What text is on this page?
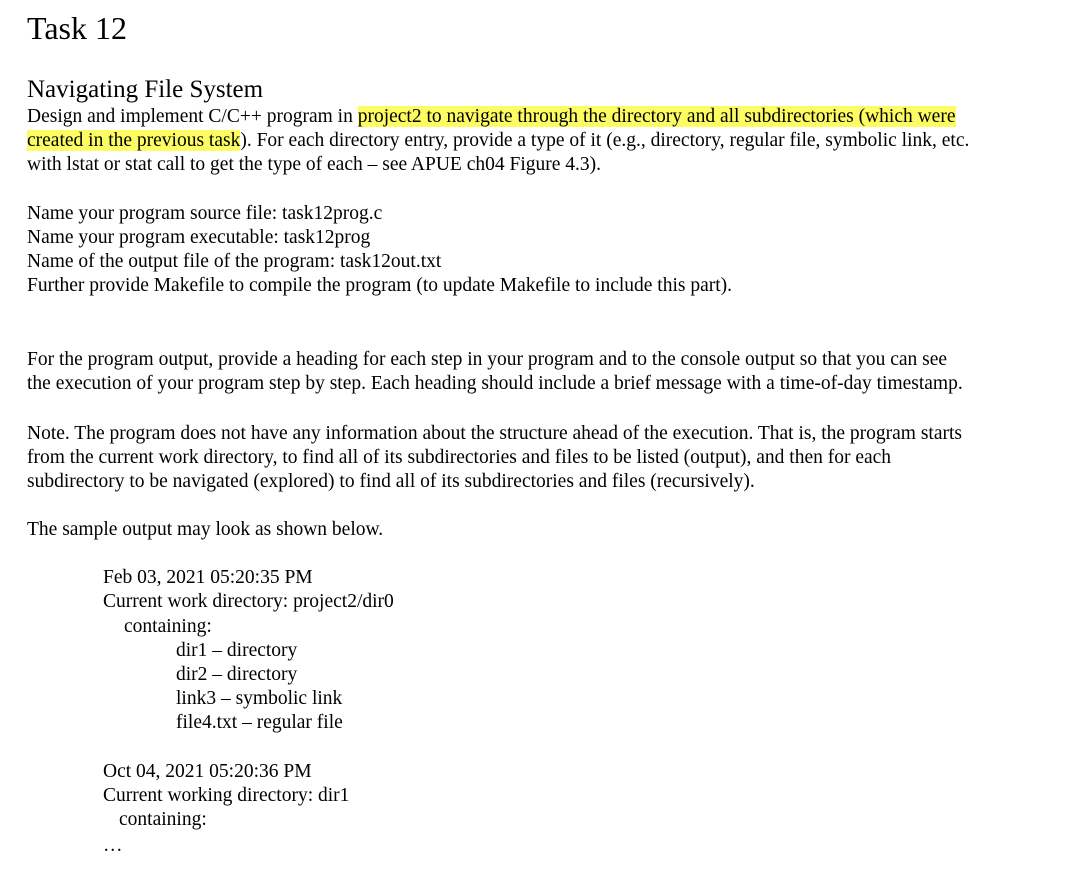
Task 12
Navigating File System
Design and implement C/C++ program in project2 to navigate through the directory and all subdirectories (which were
created in the previous task). For each directory entry, provide a type of it (e.g., directory, regular file, symbolic link, etc.
with lstat or stat call to get the type of each – see APUE ch04 Figure 4.3).
Name your program source file: task12prog.c
Name your program executable: task12prog
Name of the output file of the program: task12out.txt
Further provide Makefile to compile the program (to update Makefile to include this part).
For the program output, provide a heading for each step in your program and to the console output so that you can see
the execution of your program step by step. Each heading should include a brief message with a time-of-day timestamp.
Note. The program does not have any information about the structure ahead of the execution. That is, the program starts
from the current work directory, to find all of its subdirectories and files to be listed (output), and then for each
subdirectory to be navigated (explored) to find all of its subdirectories and files (recursively).
The sample output may look as shown below.
Feb 03, 2021 05:20:35 PM
Current work directory: project2/dir0
containing:
dir1 – directory
dir2 – directory
link3 – symbolic link
file4.txt – regular file
Oct 04, 2021 05:20:36 PM
Current working directory: dir1
containing:
…
